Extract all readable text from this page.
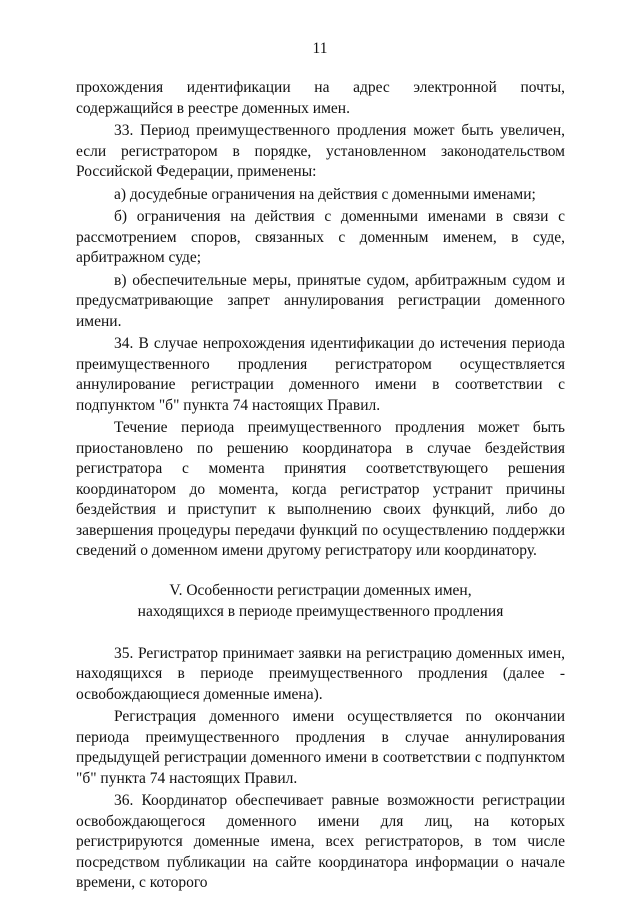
11

прохождения идентификации на адрес электронной почты, содержащийся в реестре доменных имен.

33. Период преимущественного продления может быть увеличен, если регистратором в порядке, установленном законодательством Российской Федерации, применены:

а) досудебные ограничения на действия с доменными именами;

б) ограничения на действия с доменными именами в связи с рассмотрением споров, связанных с доменным именем, в суде, арбитражном суде;

в) обеспечительные меры, принятые судом, арбитражным судом и предусматривающие запрет аннулирования регистрации доменного имени.

34. В случае непрохождения идентификации до истечения периода преимущественного продления регистратором осуществляется аннулирование регистрации доменного имени в соответствии с подпунктом "б" пункта 74 настоящих Правил.

Течение периода преимущественного продления может быть приостановлено по решению координатора в случае бездействия регистратора с момента принятия соответствующего решения координатором до момента, когда регистратор устранит причины бездействия и приступит к выполнению своих функций, либо до завершения процедуры передачи функций по осуществлению поддержки сведений о доменном имени другому регистратору или координатору.

V. Особенности регистрации доменных имен,
находящихся в периоде преимущественного продления

35. Регистратор принимает заявки на регистрацию доменных имен, находящихся в периоде преимущественного продления (далее - освобождающиеся доменные имена).

Регистрация доменного имени осуществляется по окончании периода преимущественного продления в случае аннулирования предыдущей регистрации доменного имени в соответствии с подпунктом "б" пункта 74 настоящих Правил.

36. Координатор обеспечивает равные возможности регистрации освобождающегося доменного имени для лиц, на которых регистрируются доменные имена, всех регистраторов, в том числе посредством публикации на сайте координатора информации о начале времени, с которого
